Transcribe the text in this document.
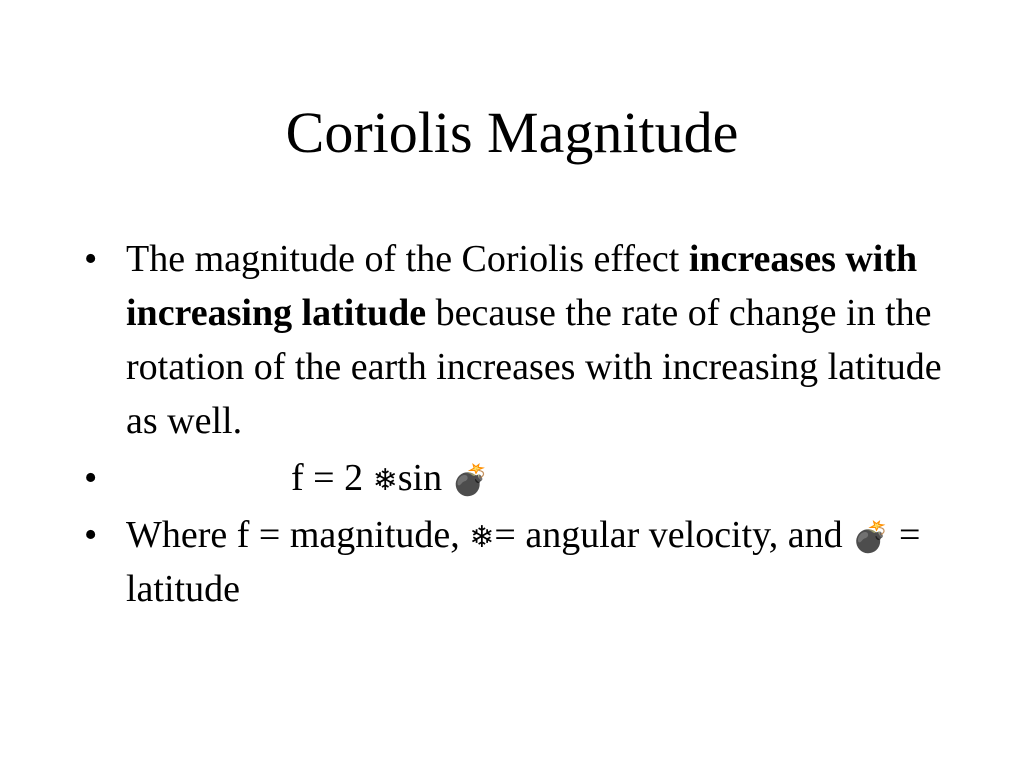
Coriolis Magnitude
• The magnitude of the Coriolis effect increases with increasing latitude because the rate of change in the rotation of the earth increases with increasing latitude as well.
•	f = 2 ❄sin 💣
• Where f = magnitude, ❄= angular velocity, and 💣 = latitude
